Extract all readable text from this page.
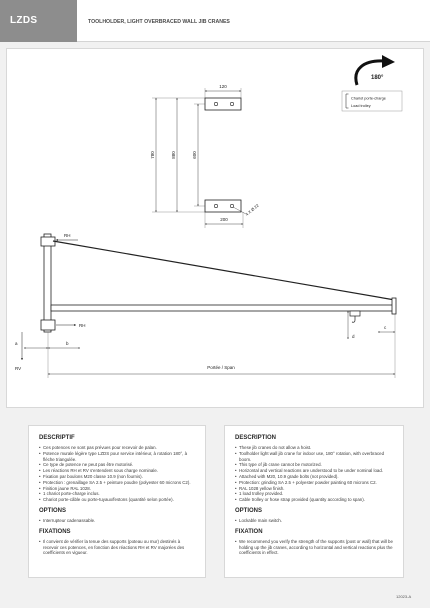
LZDS	TOOLHOLDER, LIGHT OVERBRACED WALL JIB CRANES
180°
Chariot porte-charge
Load trolley
120
200
780	880	600
4 X Ø 22
RH
RH
RV
a	b
d
c
Portée / Span
DESCRIPTIF
• Ces potences ne sont pas prévues pour recevoir de palan.
• Potence murale légère type LZDS pour service intérieur, à rotation 180°, à flèche triangulée.
• Ce type de potence ne peut pas être motorisé.
• Les réactions RH et RV s'entendent sous charge nominale.
• Fixation par boulons M20 classe 10.9 (non fournis).
• Protection : grenaillage SA 2.5 + peinture poudre (polyester 60 microns C2).
• Finition jaune RAL 1028.
• 1 chariot porte-charge inclus.
• Chariot porte-câble ou porte-tuyaux/festons (quantité selon portée).
OPTIONS
• Interrupteur cadenassable.
FIXATIONS
• Il convient de vérifier la tenue des supports (poteau ou mur) destinés à recevoir ces potences, en fonction des réactions RH et RV majorées des coefficients en vigueur.
DESCRIPTION
• These jib cranes do not allow a hoist.
• Toolholder light wall jib crane for indoor use, 180° rotation, with overbraced boom.
• This type of jib crane cannot be motorized.
• Horizontal and vertical reactions are understood to be under nominal load.
• Attached with M20, 10.9 grade bolts (not provided).
• Protection: grinding SA 2.5 + polyester powder painting 60 microns C2.
• RAL 1028 yellow finish.
• 1 load trolley provided.
• Cable trolley or hose strap provided (quantity according to span).
OPTIONS
• Lockable main switch.
FIXATION
• We recommend you verify the strength of the supports (post or wall) that will be holding up the jib cranes, according to horizontal and vertical reactions plus the coefficients in effect.
12023-A
